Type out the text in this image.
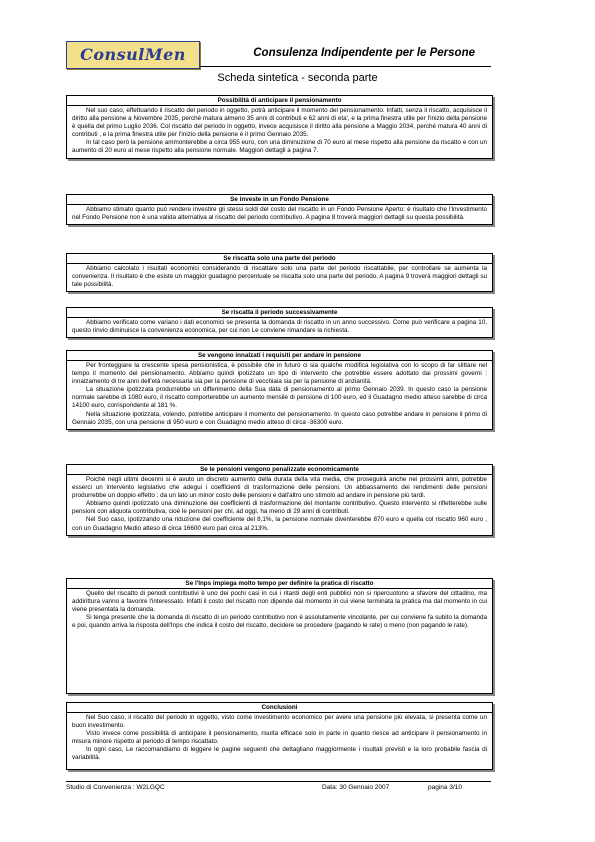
ConsulMen	Consulenza Indipendente per le Persone
Scheda sintetica - seconda parte
Possibilità di anticipare il pensionamento

Nel suo caso, effettuando il riscatto del periodo in oggetto, potrà anticipare il momento del pensionamento. Infatti, senza il riscatto, acquisisce il diritto alla pensione a Novembre 2035, perché matura almeno 35 anni di contributi e 62 anni di eta', e la prima finestra utile per l'inizio della pensione è quella del primo Luglio 2036. Col riscatto del periodo in oggetto, invece acquisisce il diritto alla pensione a Maggio 2034, perché matura 40 anni di contributi , e la prima finestra utile per l'inizio della pensione è il primo Gennaio 2035.

In tal caso però la pensione ammonterebbe a circa 955 euro, con una diminuzione di 70 euro al mese rispetto alla pensione da riscatto e con un aumento di 20 euro al mese rispetto alla pensione normale. Maggiori dettagli a pagina 7.

Se investe in un Fondo Pensione

Abbiamo stimato quanto può rendere investire gli stessi soldi del costo del riscatto in un Fondo Pensione Aperto: è risultato che l'investimento nel Fondo Pensione non è una valida alternativa al riscatto del periodo contributivo. A pagina 8 troverà maggiori dettagli su questa possibilità.

Se riscatta solo una parte del periodo

Abbiamo calcolato i risultati economici considerando di riscattare solo una parte del periodo riscattabile, per controllare se aumenta la convenienza. Il risultato è che esiste un maggior guadagno percentuale se riscatta solo una parte del periodo. A pagina 9 troverà maggiori dettagli su tale possibilità.

Se riscatta il periodo successivamente

Abbiamo verificato come variano i dati economici se presenta la domanda di riscatto in un anno successivo. Come può verificare a pagina 10, questo rinvio diminuisce la convenienza economica, per cui non Le conviene rimandare la richiesta.

Se vengono innalzati i requisiti per andare in pensione

Per fronteggiare la crescente spesa pensionistica, è possibile che in futuro ci sia qualche modifica legislativa con lo scopo di far slittare nel tempo il momento del pensionamento. Abbiamo quindi ipotizzato un tipo di intervento che potrebbe essere adottato dai prossimi governi : innalzamento di tre anni dell'età necessaria sia per la pensione di vecchiaia sia per la pensione di anzianità.

La situazione ipotizzata produrrebbe un differimento della Sua data di pensionamento al primo Gennaio 2039. In questo caso la pensione normale sarebbe di 1080 euro, il riscatto comporterebbe un aumento mensile di pensione di 100 euro, ed il Guadagno medio atteso sarebbe di circa 14100 euro, corrispondente al 181 %.

Nella situazione ipotizzata, volendo, potrebbe anticipare il momento del pensionamento. In questo caso potrebbe andare in pensione il primo di Gennaio 2035, con una pensione di 950 euro e con Guadagno medio atteso di circa -36300 euro.

Se le pensioni vengono penalizzate economicamente

Poiché negli ultimi decenni si è avuto un discreto aumento della durata della vita media, che proseguirà anche nei prossimi anni, potrebbe esserci un intervento legislativo che adegui i coefficienti di trasformazione delle pensioni. Un abbassamento dei rendimenti delle pensioni produrrebbe un doppio effetto : da un lato un minor costo delle pensioni e dall'altro uno stimolo ad andare in pensione più tardi.

Abbiamo quindi ipotizzato una diminuzione dei coefficienti di trasformazione del montante contributivo. Questo intervento si rifletterebbe sulle pensioni con aliquota contributiva, cioè le pensioni per chi, ad oggi, ha meno di 29 anni di contributi.

Nel Suo caso, ipotizzando una riduzione del coefficiente del 8,1%, la pensione normale diventerebbe 870 euro e quella col riscatto 960 euro , con un Guadagno Medio atteso di circa 16600 euro pari circa al 213%.

Se l'Inps impiega molto tempo per definire la pratica di riscatto

Quello del riscatto di periodi contributivi è uno dei pochi casi in cui i ritardi degli enti pubblici non si ripercuotono a sfavore del cittadino, ma addirittura vanno a favorire l'interessato. Infatti il costo del riscatto non dipende dal momento in cui viene terminata la pratica ma dal momento in cui viene presentata la domanda.

Si tenga presente che la domanda di riscatto di un periodo contributivo non è assolutamente vincolante, per cui conviene fa subito la domanda e poi, quando arriva la risposta dell'Inps che indica il costo del riscatto, decidere se procedere (pagando le rate) o meno (non pagando le rate).

Conclusioni

Nel Suo caso, il riscatto del periodo in oggetto, visto come investimento economico per avere una pensione più elevata, si presenta come un buon investimento.

Visto invece come possibilità di anticipare il pensionamento, risulta efficace solo in parte in quanto riesce ad anticipare il pensionamento in misura minore rispetto al periodo di tempo riscattato.

In ogni caso, Le raccomandiamo di leggere le pagine seguenti che dettagliano maggiormente i risultati previsti e la loro probabile fascia di variabilità.

Studio di Convenienza : W2LGQC	Data: 30 Gennaio 2007	pagina 3/10
